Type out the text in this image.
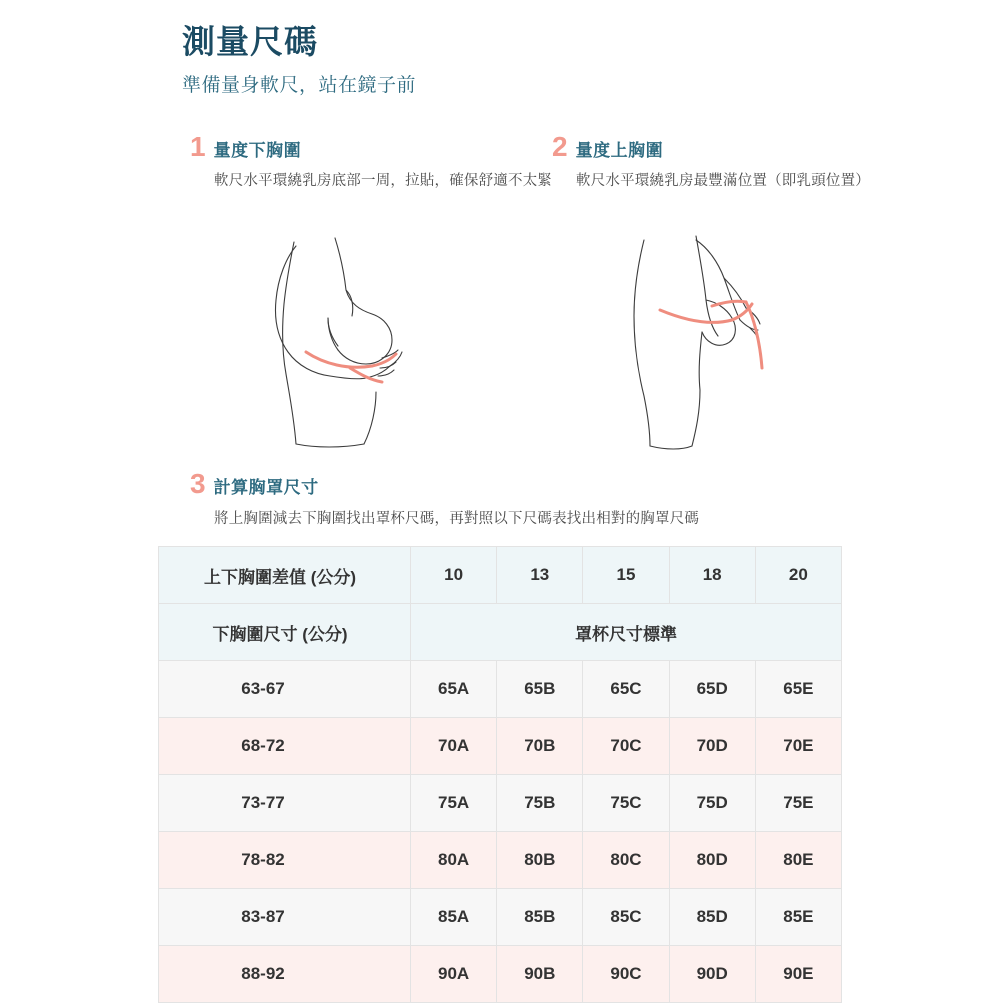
測量尺碼
準備量身軟尺，站在鏡子前
1 量度下胸圍
軟尺水平環繞乳房底部一周，拉貼，確保舒適不太緊
2 量度上胸圍
軟尺水平環繞乳房最豐滿位置（即乳頭位置）
3 計算胸罩尺寸
將上胸圍減去下胸圍找出罩杯尺碼，再對照以下尺碼表找出相對的胸罩尺碼
上下胸圍差值 (公分)	10	13	15	18	20
下胸圍尺寸 (公分)	罩杯尺寸標準				
63-67	65A	65B	65C	65D	65E
68-72	70A	70B	70C	70D	70E
73-77	75A	75B	75C	75D	75E
78-82	80A	80B	80C	80D	80E
83-87	85A	85B	85C	85D	85E
88-92	90A	90B	90C	90D	90E
